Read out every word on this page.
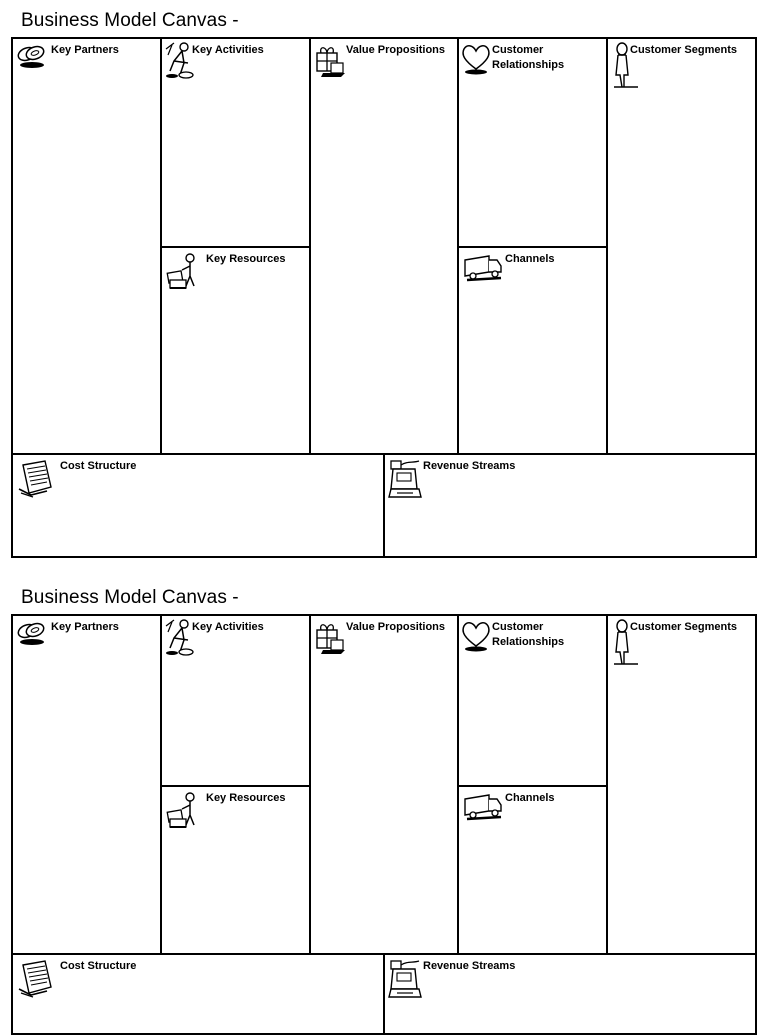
Business Model Canvas -
Key Partners	Key Activities
Key Resources
Value Propositions	Customer Relationships
Channels
Customer Segments
Cost Structure	Revenue Streams
Business Model Canvas -
Key Partners	Key Activities
Key Resources
Value Propositions	Customer Relationships
Channels
Customer Segments
Cost Structure	Revenue Streams
